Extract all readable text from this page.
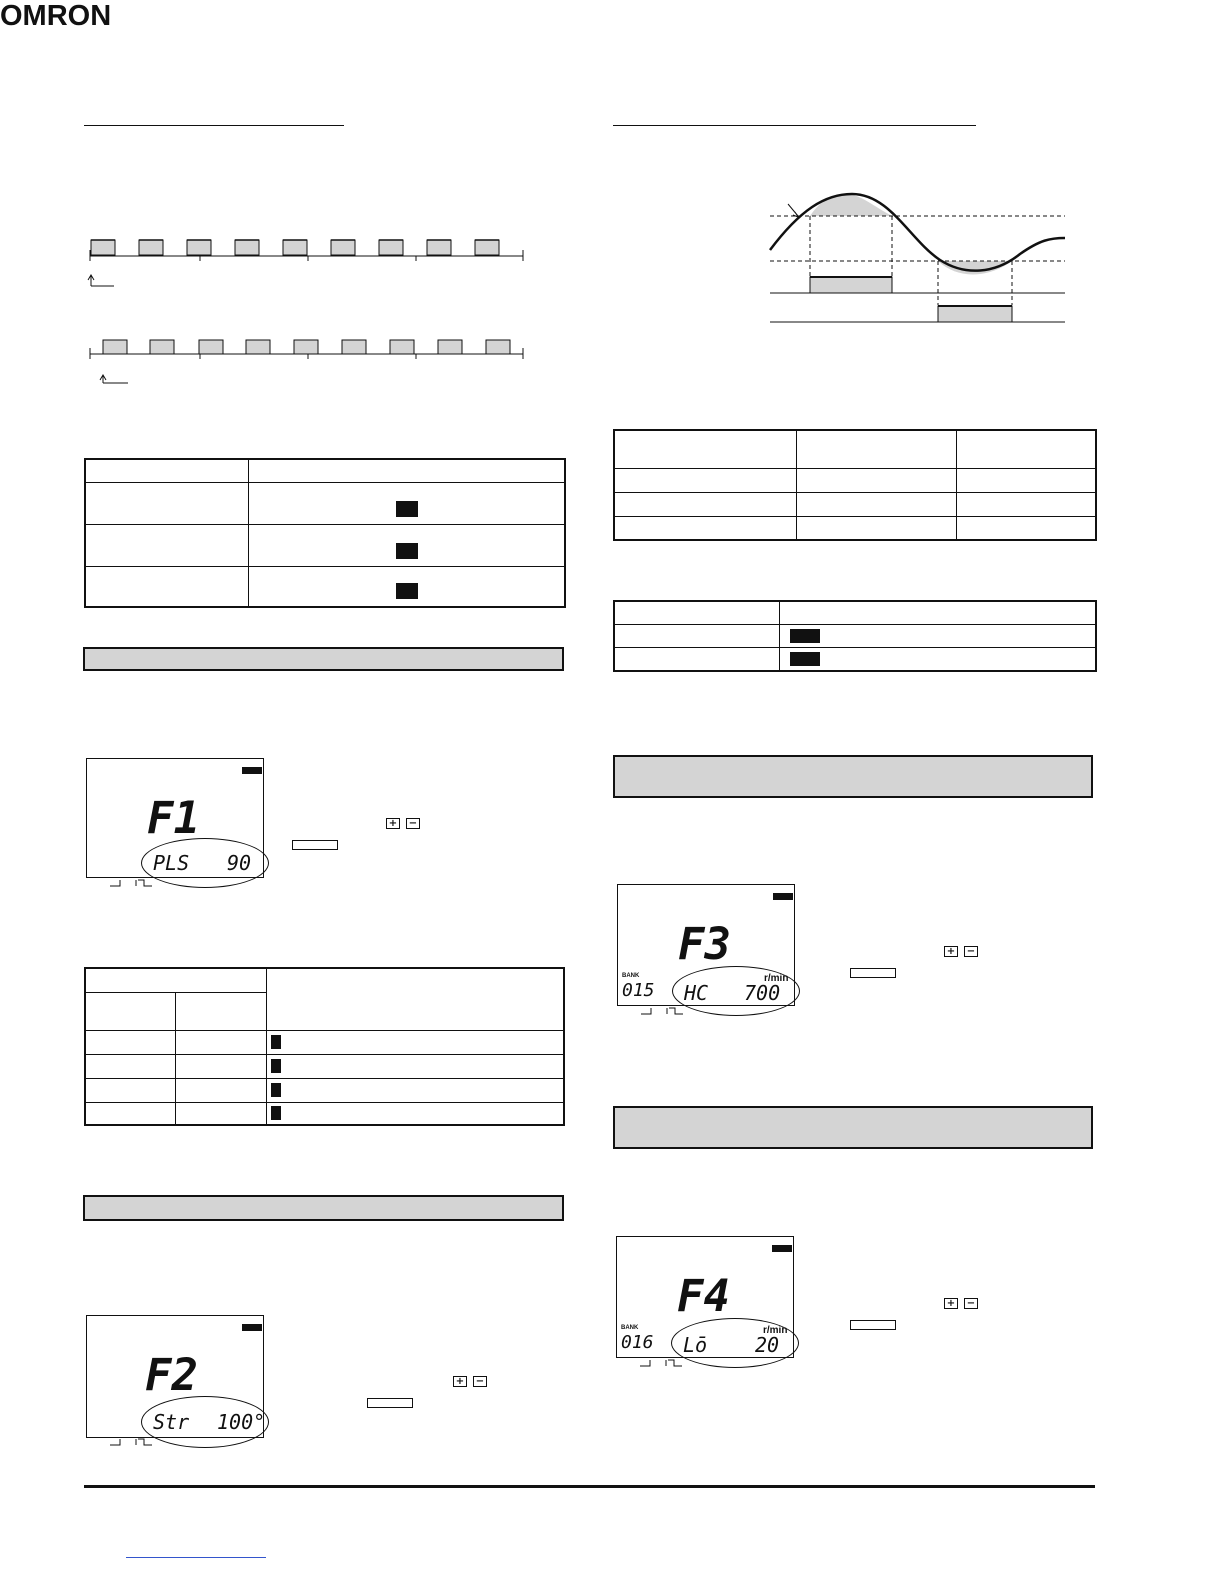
OMRON

F1
PLS 90
+ −

F2
Str 100°
+ −
F3
BANK
015
r/min
HC 700
+ −
F4
BANK
016
r/min
Lō 20
+ −
